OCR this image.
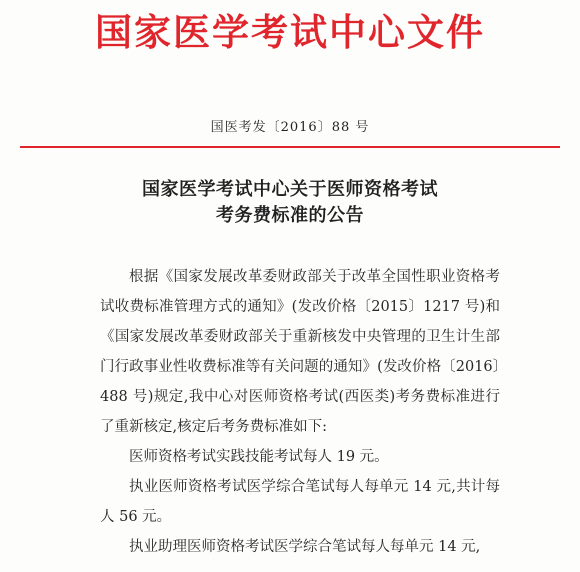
国家医学考试中心文件
国医考发〔2016〕88 号
国家医学考试中心关于医师资格考试
考务费标准的公告

根据《国家发展改革委财政部关于改革全国性职业资格考试收费标准管理方式的通知》(发改价格〔2015〕1217 号)和《国家发展改革委财政部关于重新核发中央管理的卫生计生部门行政事业性收费标准等有关问题的通知》(发改价格〔2016〕488 号)规定,我中心对医师资格考试(西医类)考务费标准进行了重新核定,核定后考务费标准如下:

医师资格考试实践技能考试每人 19 元。

执业医师资格考试医学综合笔试每人每单元 14 元,共计每人 56 元。

执业助理医师资格考试医学综合笔试每人每单元 14 元,
